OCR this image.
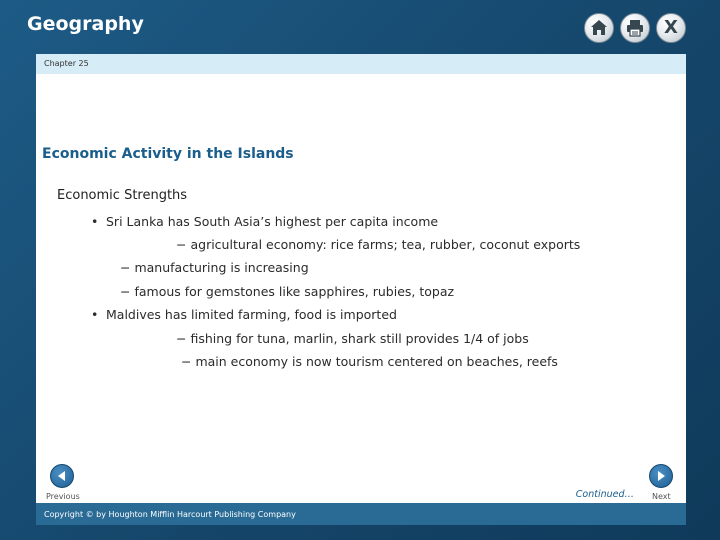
Geography	X
Chapter 25
Economic Activity in the Islands
Economic Strengths
• Sri Lanka has South Asia’s highest per capita income
− agricultural economy: rice farms; tea, rubber, coconut exports
− manufacturing is increasing
− famous for gemstones like sapphires, rubies, topaz
• Maldives has limited farming, food is imported
− fishing for tuna, marlin, shark still provides 1/4 of jobs
− main economy is now tourism centered on beaches, reefs
Previous	Continued… Next
Copyright © by Houghton Mifflin Harcourt Publishing Company
